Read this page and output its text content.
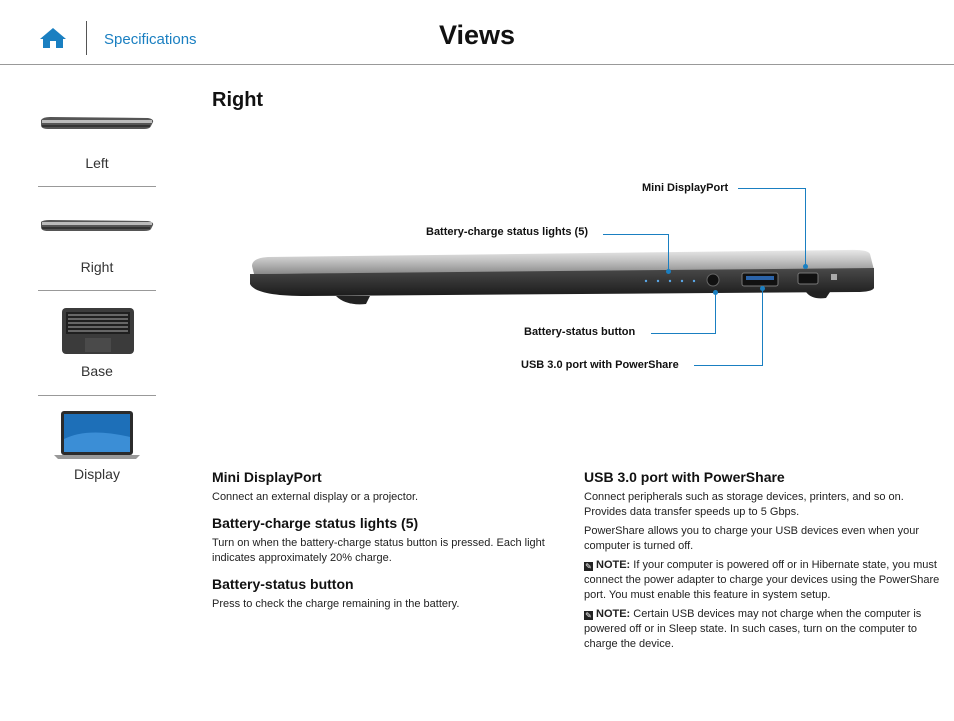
Specifications	Views
Left
Right
Base
Display
Right
Mini DisplayPort
Battery-charge status lights (5)
Battery-status button
USB 3.0 port with PowerShare
Mini DisplayPort
Connect an external display or a projector.
Battery-charge status lights (5)
Turn on when the battery-charge status button is pressed. Each light indicates approximately 20% charge.
Battery-status button
Press to check the charge remaining in the battery.
USB 3.0 port with PowerShare
Connect peripherals such as storage devices, printers, and so on. Provides data transfer speeds up to 5 Gbps.
PowerShare allows you to charge your USB devices even when your computer is turned off.
✎ NOTE: If your computer is powered off or in Hibernate state, you must connect the power adapter to charge your devices using the PowerShare port. You must enable this feature in system setup.
✎ NOTE: Certain USB devices may not charge when the computer is powered off or in Sleep state. In such cases, turn on the computer to charge the device.
